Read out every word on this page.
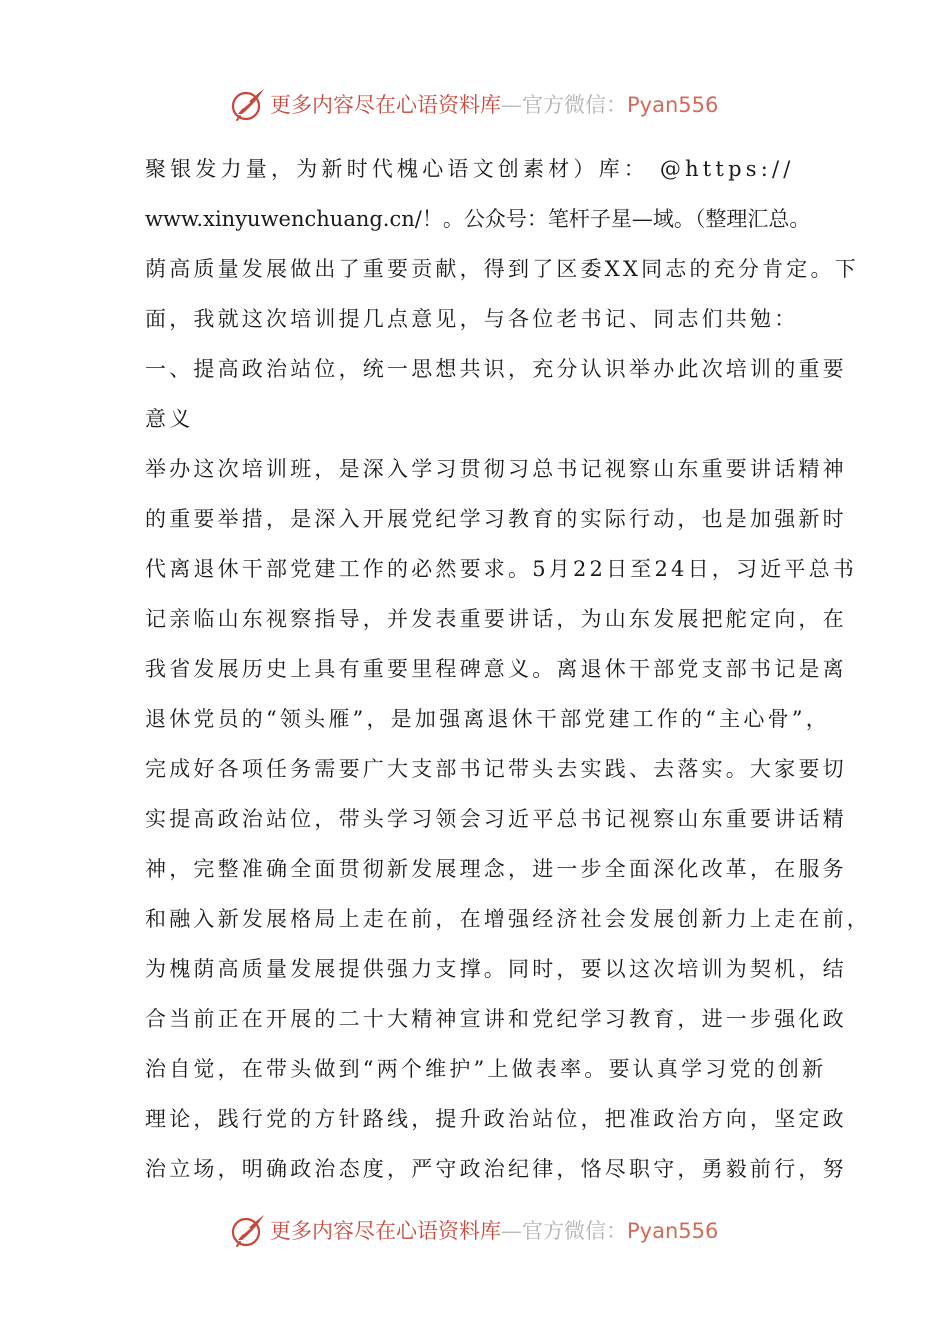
更多内容尽在心语资料库—官方微信：Pyan556
聚银发力量，为新时代槐心语文创素材）库： @https://
www.xinyuwenchuang.cn/！。公众号：笔杆子星—域。（整理汇总。
荫高质量发展做出了重要贡献，得到了区委XX同志的充分肯定。下
面，我就这次培训提几点意见，与各位老书记、同志们共勉：
一、提高政治站位，统一思想共识，充分认识举办此次培训的重要
意义
举办这次培训班，是深入学习贯彻习总书记视察山东重要讲话精神
的重要举措，是深入开展党纪学习教育的实际行动，也是加强新时
代离退休干部党建工作的必然要求。5月22日至24日，习近平总书
记亲临山东视察指导，并发表重要讲话，为山东发展把舵定向，在
我省发展历史上具有重要里程碑意义。离退休干部党支部书记是离
退休党员的“领头雁”，是加强离退休干部党建工作的“主心骨”，
完成好各项任务需要广大支部书记带头去实践、去落实。大家要切
实提高政治站位，带头学习领会习近平总书记视察山东重要讲话精
神，完整准确全面贯彻新发展理念，进一步全面深化改革，在服务
和融入新发展格局上走在前，在增强经济社会发展创新力上走在前，
为槐荫高质量发展提供强力支撑。同时，要以这次培训为契机，结
合当前正在开展的二十大精神宣讲和党纪学习教育，进一步强化政
治自觉，在带头做到“两个维护”上做表率。要认真学习党的创新
理论，践行党的方针路线，提升政治站位，把准政治方向，坚定政
治立场，明确政治态度，严守政治纪律，恪尽职守，勇毅前行，努
更多内容尽在心语资料库—官方微信：Pyan556
